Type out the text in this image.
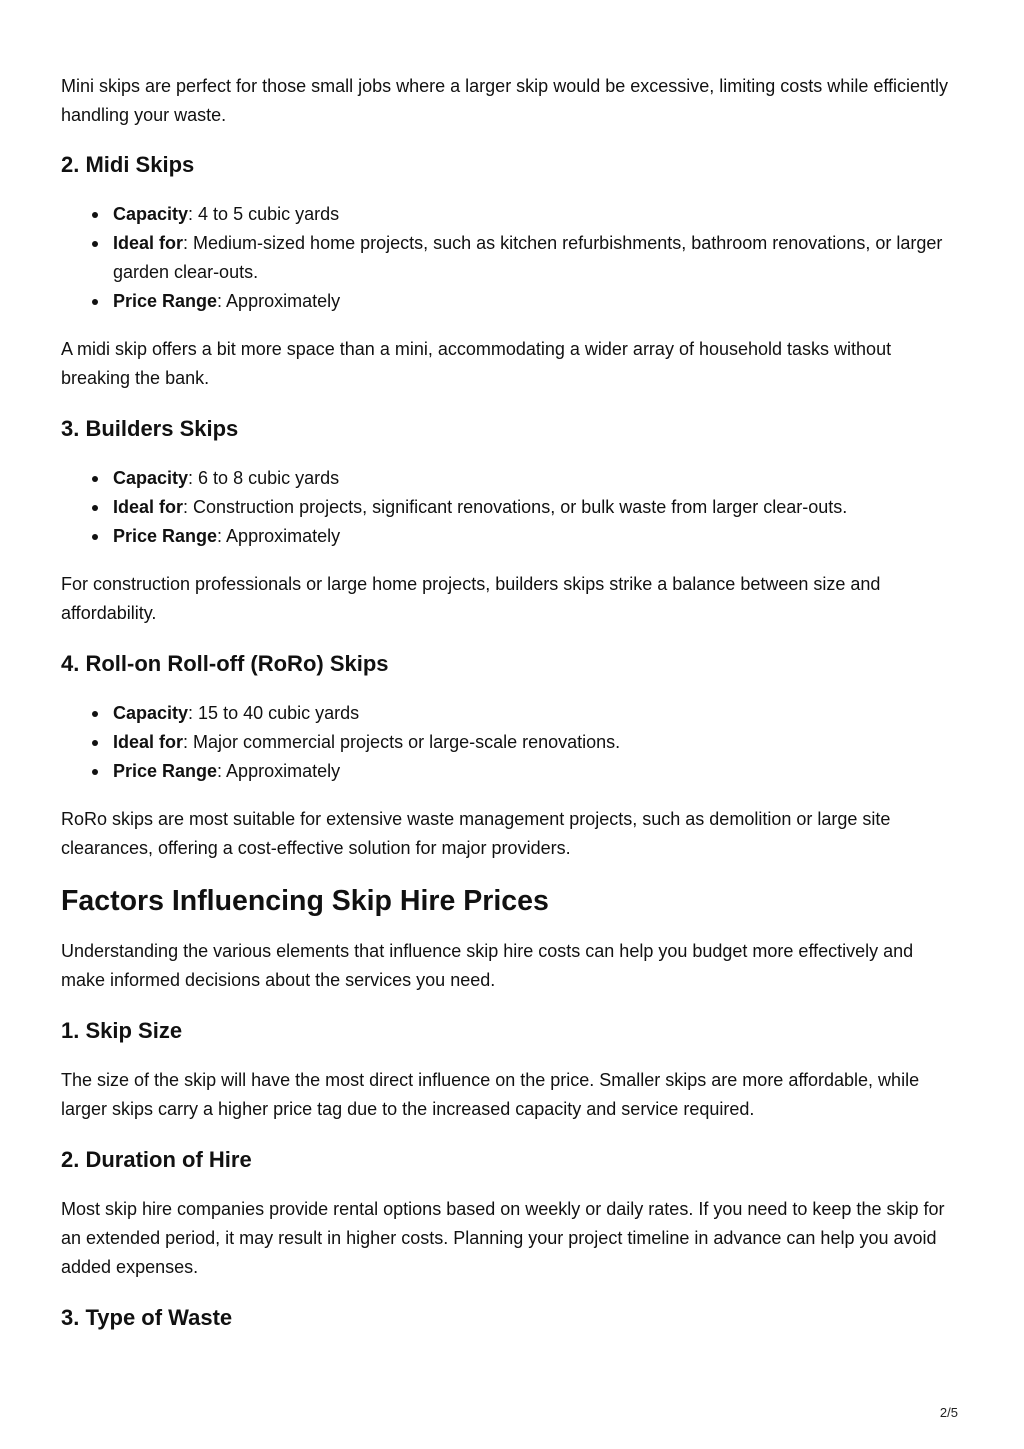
Mini skips are perfect for those small jobs where a larger skip would be excessive, limiting costs while efficiently handling your waste.

2. Midi Skips
Capacity: 4 to 5 cubic yards
Ideal for: Medium-sized home projects, such as kitchen refurbishments, bathroom renovations, or larger garden clear-outs.
Price Range: Approximately

A midi skip offers a bit more space than a mini, accommodating a wider array of household tasks without breaking the bank.

3. Builders Skips
Capacity: 6 to 8 cubic yards
Ideal for: Construction projects, significant renovations, or bulk waste from larger clear-outs.
Price Range: Approximately

For construction professionals or large home projects, builders skips strike a balance between size and affordability.

4. Roll-on Roll-off (RoRo) Skips
Capacity: 15 to 40 cubic yards
Ideal for: Major commercial projects or large-scale renovations.
Price Range: Approximately

RoRo skips are most suitable for extensive waste management projects, such as demolition or large site clearances, offering a cost-effective solution for major providers.

Factors Influencing Skip Hire Prices

Understanding the various elements that influence skip hire costs can help you budget more effectively and make informed decisions about the services you need.

1. Skip Size

The size of the skip will have the most direct influence on the price. Smaller skips are more affordable, while larger skips carry a higher price tag due to the increased capacity and service required.

2. Duration of Hire

Most skip hire companies provide rental options based on weekly or daily rates. If you need to keep the skip for an extended period, it may result in higher costs. Planning your project timeline in advance can help you avoid added expenses.

3. Type of Waste
2/5
